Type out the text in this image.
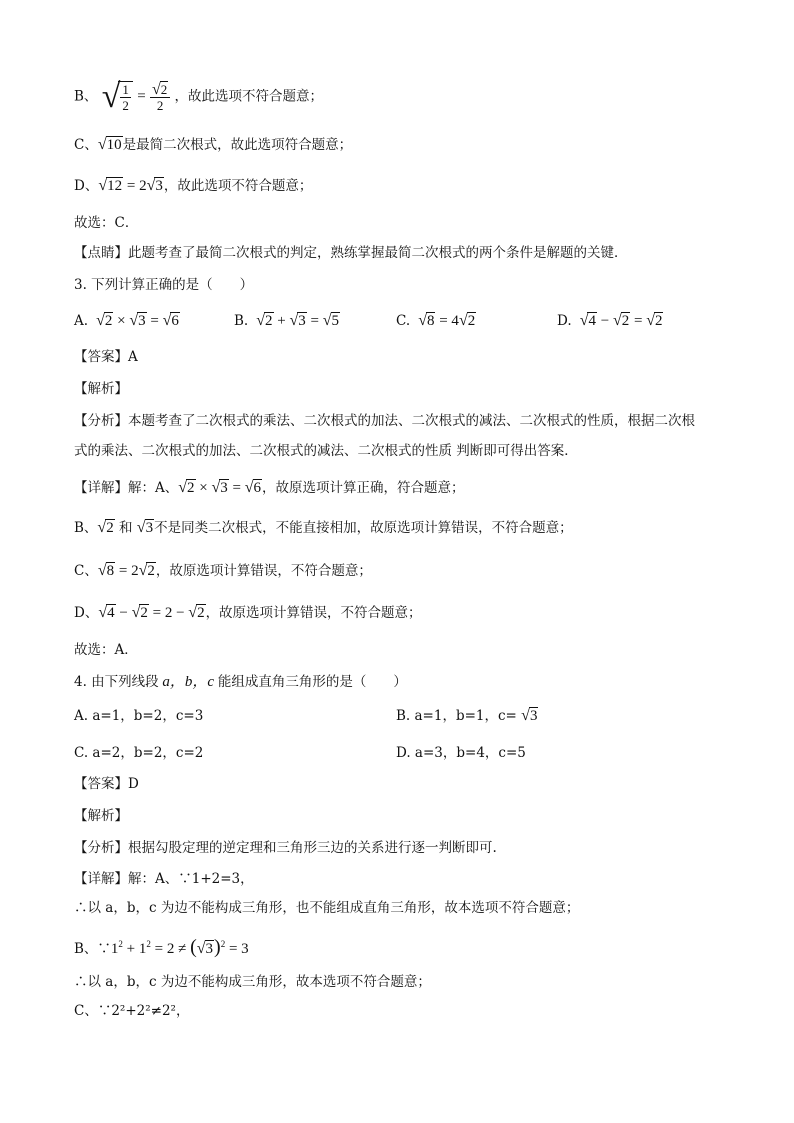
B、 √ $\frac{1}{2} = \frac{√2}{2}$ ，故此选项不符合题意；
C、√10是最简二次根式，故此选项符合题意；
D、√12 = 2√3，故此选项不符合题意；
故选：C．
【点睛】此题考查了最简二次根式的判定，熟练掌握最简二次根式的两个条件是解题的关键．
3. 下列计算正确的是（　　）
A. √2 × √3 = √6	B. √2 + √3 = √5	C. √8 = 4√2	D. √4 − √2 = √2
【答案】A
【解析】
【分析】本题考查了二次根式的乘法、二次根式的加法、二次根式的减法、二次根式的性质，根据二次根
式的乘法、二次根式的加法、二次根式的减法、二次根式的性质 判断即可得出答案．
【详解】解：A、√2 × √3 = √6，故原选项计算正确，符合题意；
B、√2 和 √3不是同类二次根式，不能直接相加，故原选项计算错误，不符合题意；
C、√8 = 2√2，故原选项计算错误，不符合题意；
D、√4 − √2 = 2 − √2，故原选项计算错误，不符合题意；
故选：A．
4. 由下列线段 a，b，c 能组成直角三角形的是（　　）
A. a=1，b=2，c=3	B. a=1，b=1，c= √3
C. a=2，b=2，c=2	D. a=3，b=4，c=5
【答案】D
【解析】
【分析】根据勾股定理的逆定理和三角形三边的关系进行逐一判断即可.
【详解】解：A、∵1+2=3，
∴以 a，b，c 为边不能构成三角形，也不能组成直角三角形，故本选项不符合题意；
B、$\because 1^2 + 1^2 = 2 \ne (√3)^2 = 3$
∴以 a，b，c 为边不能构成三角形，故本选项不符合题意；
C、∵2²+2²≠2²，
